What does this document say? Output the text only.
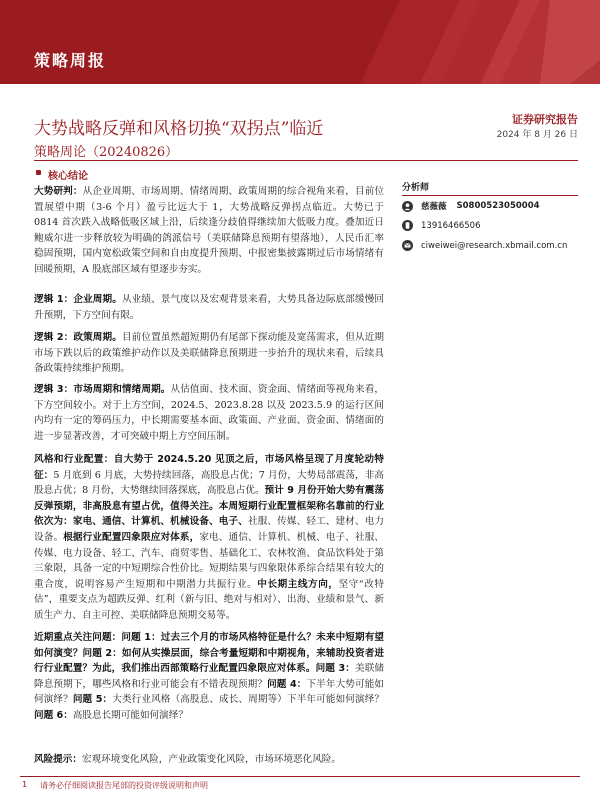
策略周报
大势战略反弹和风格切换“双拐点”临近
策略周论（20240826）
证券研究报告
2024 年 8 月 26 日
核心结论
大势研判：从企业周期、市场周期、情绪周期、政策周期的综合视角来看，目前位置展望中期（3-6 个月）盈亏比远大于 1，大势战略反弹拐点临近。大势已于 0814 首次跌入战略低吸区域上沿，后续逢分歧值得继续加大低吸力度。叠加近日鲍威尔进一步释放较为明确的鸽派信号（美联储降息预期有望落地），人民币汇率稳固预期，国内宽松政策空间和自由度提升预期、中报密集披露期过后市场情绪有回暖预期，A 股底部区域有望逐步夯实。
逻辑 1：企业周期。从业绩、景气度以及宏观背景来看，大势具备边际底部缓慢回升预期，下方空间有限。
逻辑 2：政策周期。目前位置虽然超短期仍有尾部下探动能及宽荡需求，但从近期市场下跌以后的政策维护动作以及美联储降息预期进一步抬升的现状来看，后续具备政策持续维护预期。
逻辑 3：市场周期和情绪周期。从估值面、技术面、资金面、情绪面等视角来看，下方空间较小。对于上方空间，2024.5、2023.8.28 以及 2023.5.9 的运行区间内均有一定的筹码压力，中长期需要基本面、政策面、产业面、资金面、情绪面的进一步显著改善，才可突破中期上方空间压制。
风格和行业配置：自大势于 2024.5.20 见顶之后，市场风格呈现了月度轮动特征：5 月底到 6 月底，大势持续回落，高股息占优；7 月份，大势局部震荡，非高股息占优；8 月份，大势继续回落探底，高股息占优。预计 9 月份开始大势有震荡反弹预期，非高股息有望占优，值得关注。本周短期行业配置框架称名靠前的行业依次为：家电、通信、计算机、机械设备、电子、社服、传媒、轻工、建材、电力设备。根据行业配置四象限应对体系，家电、通信、计算机、机械、电子、社服、传媒、电力设备、轻工、汽车、商贸零售、基础化工、农林牧渔、食品饮料处于第三象限，具备一定的中短期综合性价比。短期结果与四象限体系综合结果有较大的重合度，说明容易产生短期和中期潜力共振行业。中长期主线方向，坚守“改特估”，重要支点为超跌反弹、红利（新与旧、绝对与相对）、出海、业绩和景气、新质生产力、自主可控、美联储降息预期交易等。
近期重点关注问题：问题 1：过去三个月的市场风格特征是什么？未来中短期有望如何演变？问题 2：如何从实操层面，综合考量短期和中期视角，来辅助投资者进行行业配置？为此，我们推出西部策略行业配置四象限应对体系。问题 3：美联储降息预期下，哪些风格和行业可能会有不错表现预期？问题 4：下半年大势可能如何演绎？问题 5：大类行业风格（高股息、成长、周期等）下半年可能如何演绎？问题 6：高股息长期可能如何演绎？
风险提示：宏观环境变化风险，产业政策变化风险，市场环境恶化风险。
分析师
慈薇薇 S0800523050004
13916466506
ciweiwei@research.xbmail.com.cn
1 请务必仔细阅读报告尾部的投资评级说明和声明
